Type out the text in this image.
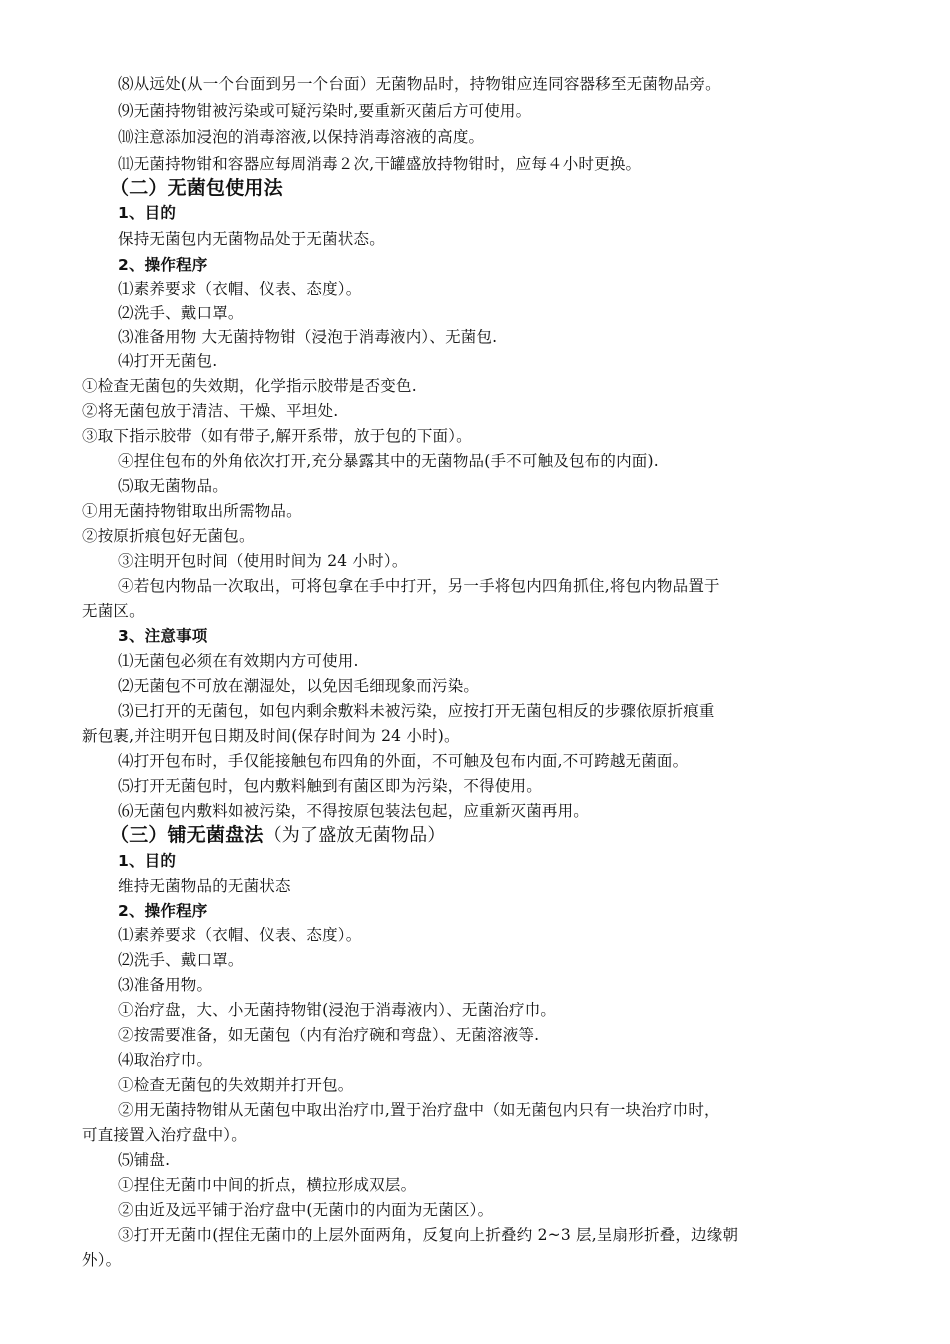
⑻从远处(从一个台面到另一个台面）无菌物品时，持物钳应连同容器移至无菌物品旁。
⑼无菌持物钳被污染或可疑污染时,要重新灭菌后方可使用。
⑽注意添加浸泡的消毒溶液,以保持消毒溶液的高度。
⑾无菌持物钳和容器应每周消毒２次,干罐盛放持物钳时，应每４小时更换。
（二）无菌包使用法
1、目的
保持无菌包内无菌物品处于无菌状态。
2、操作程序
⑴素养要求（衣帽、仪表、态度）。
⑵洗手、戴口罩。
⑶准备用物 大无菌持物钳（浸泡于消毒液内）、无菌包.
⑷打开无菌包.
①检查无菌包的失效期，化学指示胶带是否变色.
②将无菌包放于清洁、干燥、平坦处.
③取下指示胶带（如有带子,解开系带，放于包的下面）。
④捏住包布的外角依次打开,充分暴露其中的无菌物品(手不可触及包布的内面).
⑸取无菌物品。
①用无菌持物钳取出所需物品。
②按原折痕包好无菌包。
③注明开包时间（使用时间为 24 小时）。
④若包内物品一次取出，可将包拿在手中打开，另一手将包内四角抓住,将包内物品置于
无菌区。
3、注意事项
⑴无菌包必须在有效期内方可使用.
⑵无菌包不可放在潮湿处，以免因毛细现象而污染。
⑶已打开的无菌包，如包内剩余敷料未被污染，应按打开无菌包相反的步骤依原折痕重
新包裹,并注明开包日期及时间(保存时间为 24 小时)。
⑷打开包布时，手仅能接触包布四角的外面，不可触及包布内面,不可跨越无菌面。
⑸打开无菌包时，包内敷料触到有菌区即为污染，不得使用。
⑹无菌包内敷料如被污染，不得按原包装法包起，应重新灭菌再用。
（三）铺无菌盘法（为了盛放无菌物品）
1、目的
维持无菌物品的无菌状态
2、操作程序
⑴素养要求（衣帽、仪表、态度）。
⑵洗手、戴口罩。
⑶准备用物。
①治疗盘，大、小无菌持物钳(浸泡于消毒液内）、无菌治疗巾。
②按需要准备，如无菌包（内有治疗碗和弯盘）、无菌溶液等.
⑷取治疗巾。
①检查无菌包的失效期并打开包。
②用无菌持物钳从无菌包中取出治疗巾,置于治疗盘中（如无菌包内只有一块治疗巾时，
可直接置入治疗盘中）。
⑸铺盘.
①捏住无菌巾中间的折点，横拉形成双层。
②由近及远平铺于治疗盘中(无菌巾的内面为无菌区）。
③打开无菌巾(捏住无菌巾的上层外面两角，反复向上折叠约 2~3 层,呈扇形折叠，边缘朝
外）。
